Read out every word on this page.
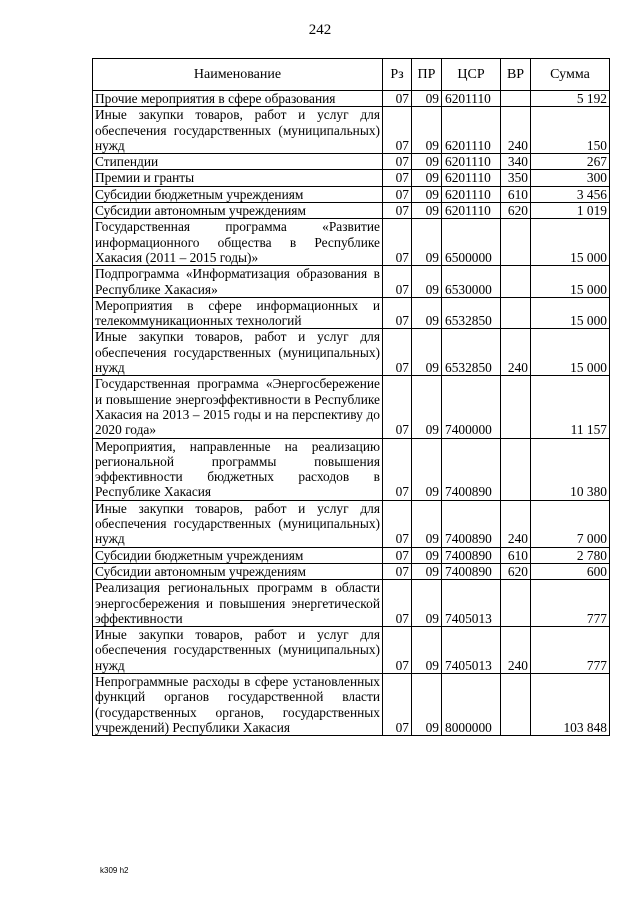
242
Наименование	Рз	ПР	ЦСР	ВР	Сумма
Прочие мероприятия в сфере образования	07	09	6201110		5 192
Иные закупки товаров, работ и услуг для обеспечения государственных (муниципальных) нужд	07	09	6201110	240	150
Стипендии	07	09	6201110	340	267
Премии и гранты	07	09	6201110	350	300
Субсидии бюджетным учреждениям	07	09	6201110	610	3 456
Субсидии автономным учреждениям	07	09	6201110	620	1 019
Государственная программа «Развитие информационного общества в Республике Хакасия (2011 – 2015 годы)»	07	09	6500000		15 000
Подпрограмма «Информатизация образования в Республике Хакасия»	07	09	6530000		15 000
Мероприятия в сфере информационных и телекоммуникационных технологий	07	09	6532850		15 000
Иные закупки товаров, работ и услуг для обеспечения государственных (муниципальных) нужд	07	09	6532850	240	15 000
Государственная программа «Энергосбережение и повышение энергоэффективности в Республике Хакасия на 2013 – 2015 годы и на перспективу до 2020 года»	07	09	7400000		11 157
Мероприятия, направленные на реализацию региональной программы повышения эффективности бюджетных расходов в Республике Хакасия	07	09	7400890		10 380
Иные закупки товаров, работ и услуг для обеспечения государственных (муниципальных) нужд	07	09	7400890	240	7 000
Субсидии бюджетным учреждениям	07	09	7400890	610	2 780
Субсидии автономным учреждениям	07	09	7400890	620	600
Реализация региональных программ в области энергосбережения и повышения энергетической эффективности	07	09	7405013		777
Иные закупки товаров, работ и услуг для обеспечения государственных (муниципальных) нужд	07	09	7405013	240	777
Непрограммные расходы в сфере установленных функций органов государственной власти (государственных органов, государственных учреждений) Республики Хакасия	07	09	8000000		103 848
k309 h2
